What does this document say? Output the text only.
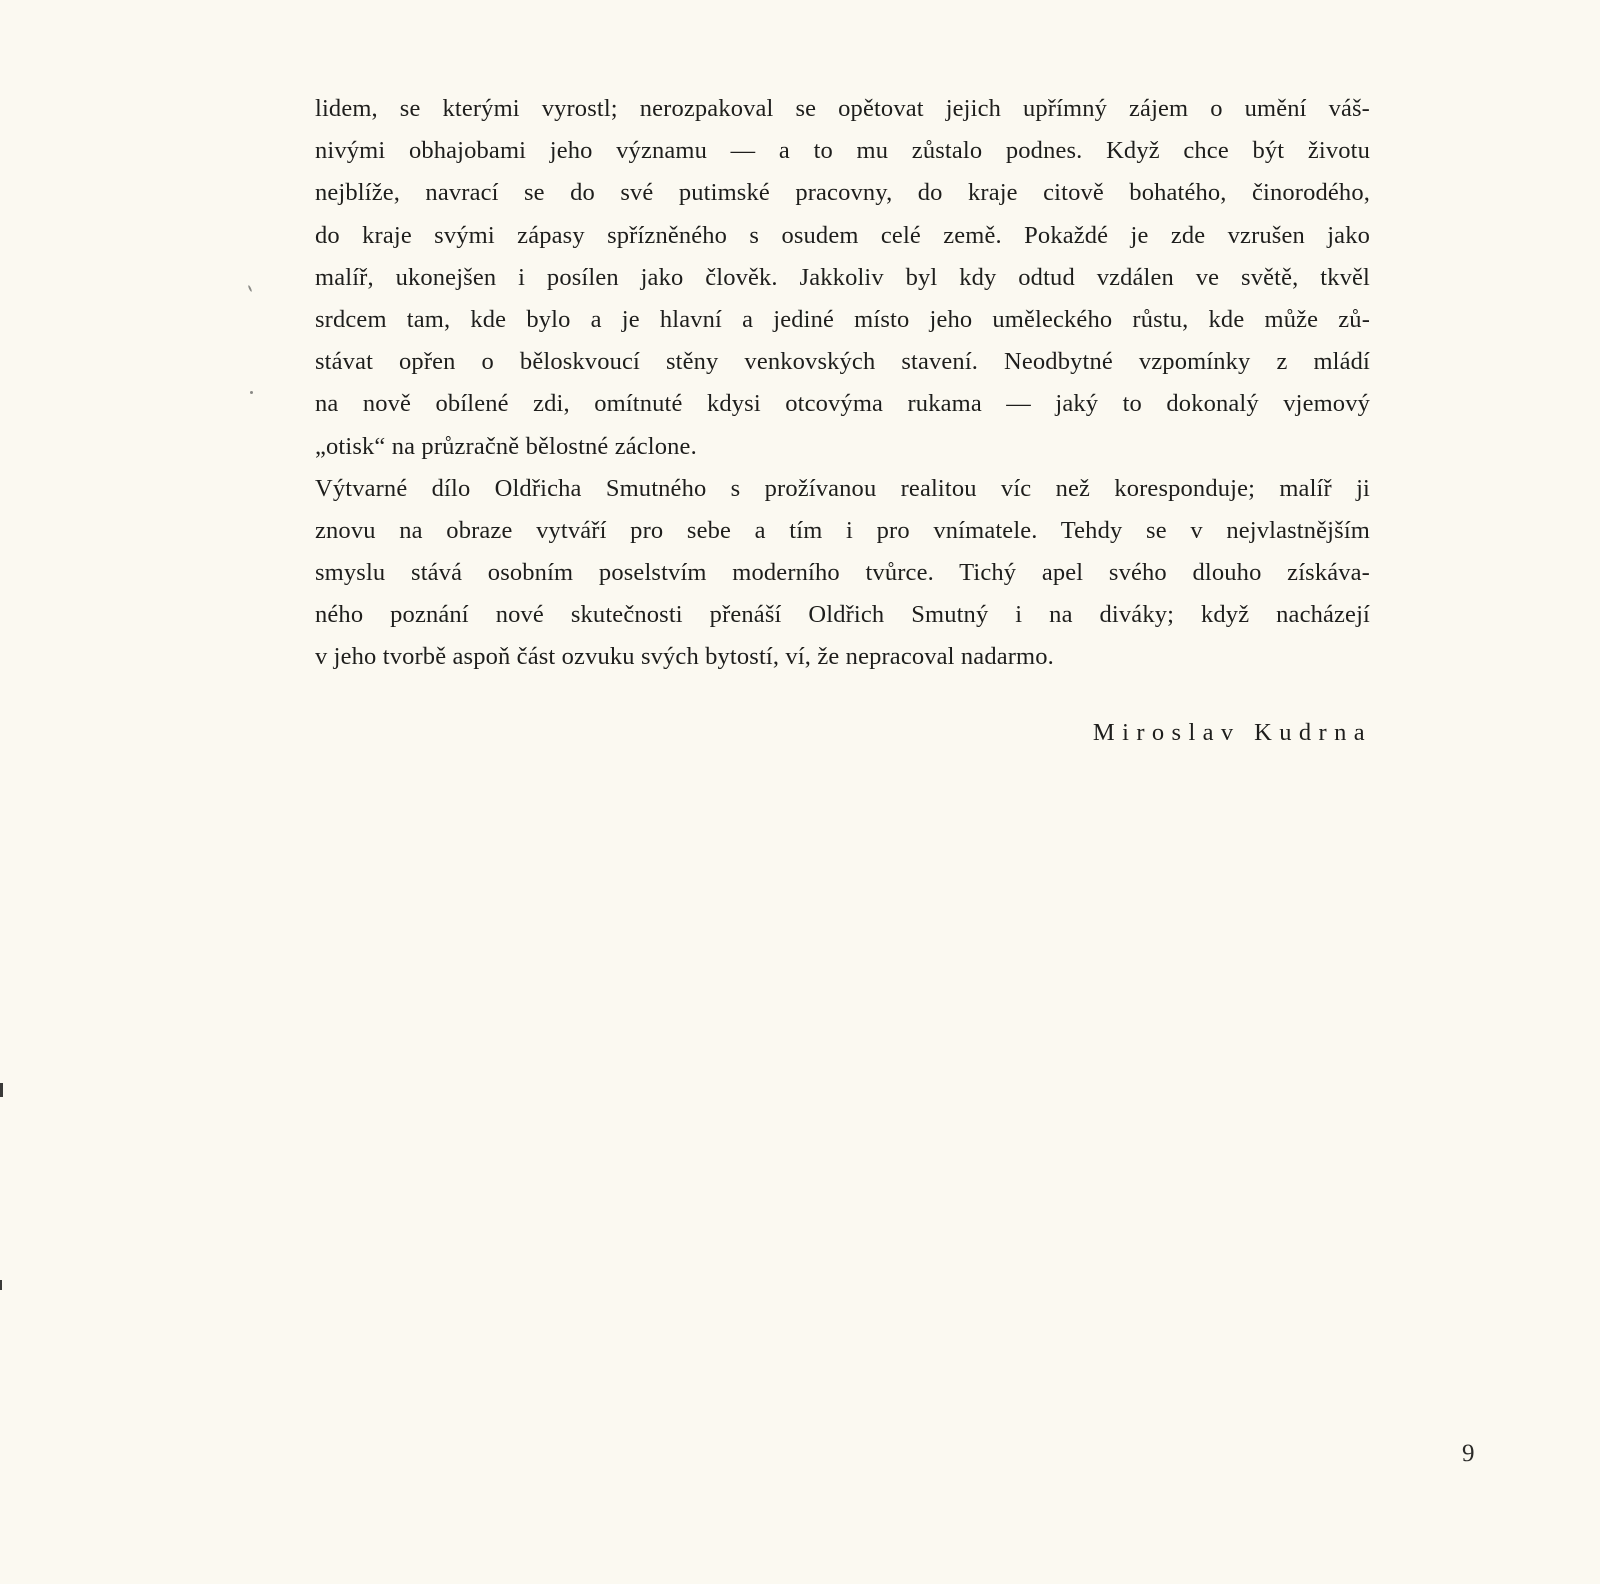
lidem, se kterými vyrostl; nerozpakoval se opětovat jejich upřímný zájem o umění váš-
nivými obhajobami jeho významu — a to mu zůstalo podnes. Když chce být životu
nejblíže, navrací se do své putimské pracovny, do kraje citově bohatého, činorodého,
do kraje svými zápasy spřízněného s osudem celé země. Pokaždé je zde vzrušen jako
malíř, ukonejšen i posílen jako člověk. Jakkoliv byl kdy odtud vzdálen ve světě, tkvěl
srdcem tam, kde bylo a je hlavní a jediné místo jeho uměleckého růstu, kde může zů-
stávat opřen o běloskvoucí stěny venkovských stavení. Neodbytné vzpomínky z mládí
na nově obílené zdi, omítnuté kdysi otcovýma rukama — jaký to dokonalý vjemový
„otisk“ na průzračně bělostné záclone.
Výtvarné dílo Oldřicha Smutného s prožívanou realitou víc než koresponduje; malíř ji
znovu na obraze vytváří pro sebe a tím i pro vnímatele. Tehdy se v nejvlastnějším
smyslu stává osobním poselstvím moderního tvůrce. Tichý apel svého dlouho získáva-
ného poznání nové skutečnosti přenáší Oldřich Smutný i na diváky; když nacházejí
v jeho tvorbě aspoň část ozvuku svých bytostí, ví, že nepracoval nadarmo.
Miroslav Kudrna
9
